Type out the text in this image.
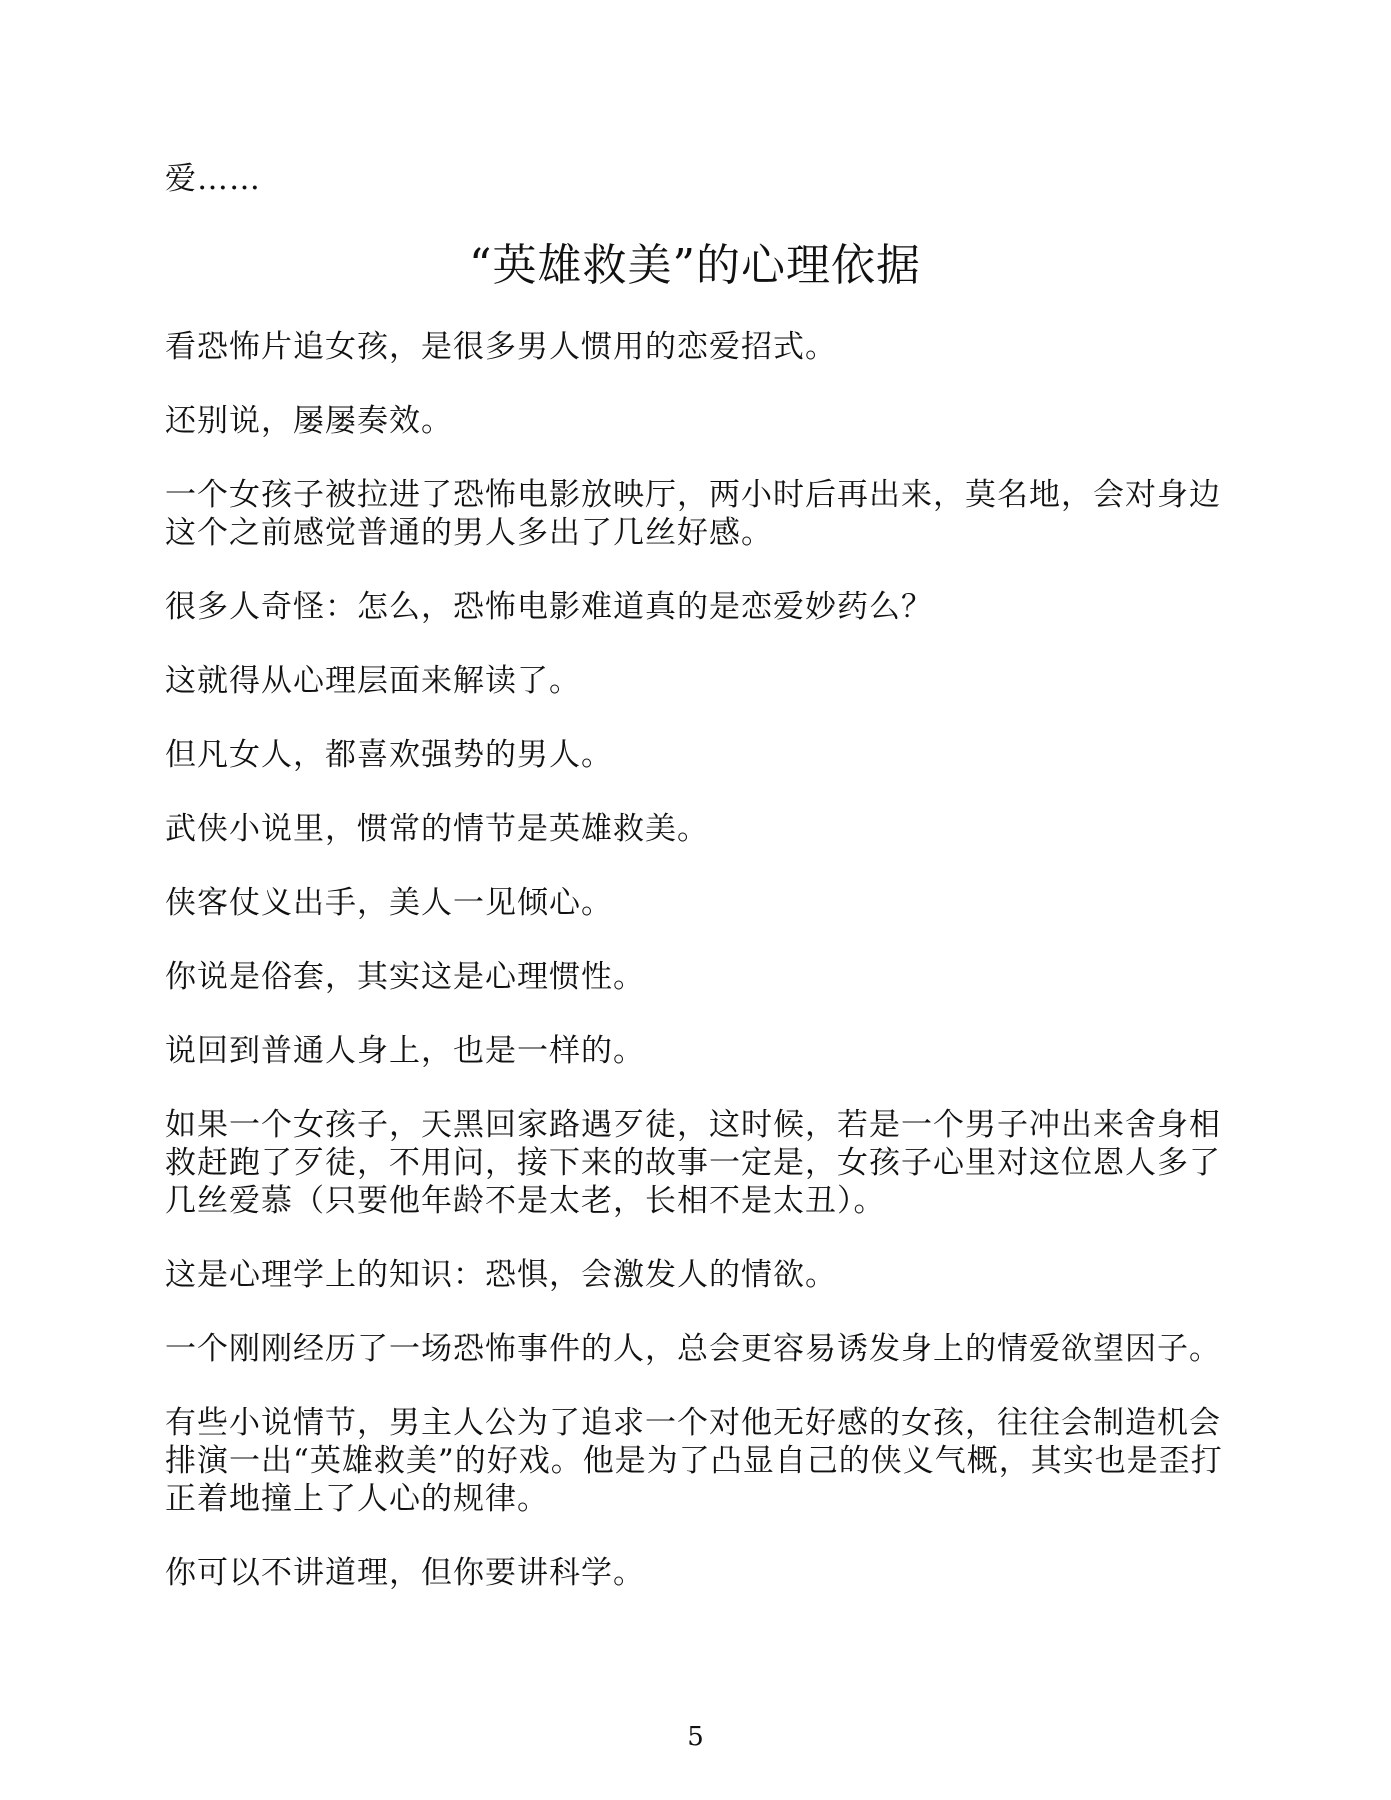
爱……

“英雄救美”的心理依据

看恐怖片追女孩，是很多男人惯用的恋爱招式。

还别说，屡屡奏效。

一个女孩子被拉进了恐怖电影放映厅，两小时后再出来，莫名地，会对身边这个之前感觉普通的男人多出了几丝好感。

很多人奇怪：怎么，恐怖电影难道真的是恋爱妙药么？

这就得从心理层面来解读了。

但凡女人，都喜欢强势的男人。

武侠小说里，惯常的情节是英雄救美。

侠客仗义出手，美人一见倾心。

你说是俗套，其实这是心理惯性。

说回到普通人身上，也是一样的。

如果一个女孩子，天黑回家路遇歹徒，这时候，若是一个男子冲出来舍身相救赶跑了歹徒，不用问，接下来的故事一定是，女孩子心里对这位恩人多了几丝爱慕（只要他年龄不是太老，长相不是太丑）。

这是心理学上的知识：恐惧，会激发人的情欲。

一个刚刚经历了一场恐怖事件的人，总会更容易诱发身上的情爱欲望因子。

有些小说情节，男主人公为了追求一个对他无好感的女孩，往往会制造机会排演一出“英雄救美”的好戏。他是为了凸显自己的侠义气概，其实也是歪打正着地撞上了人心的规律。

你可以不讲道理，但你要讲科学。

5
